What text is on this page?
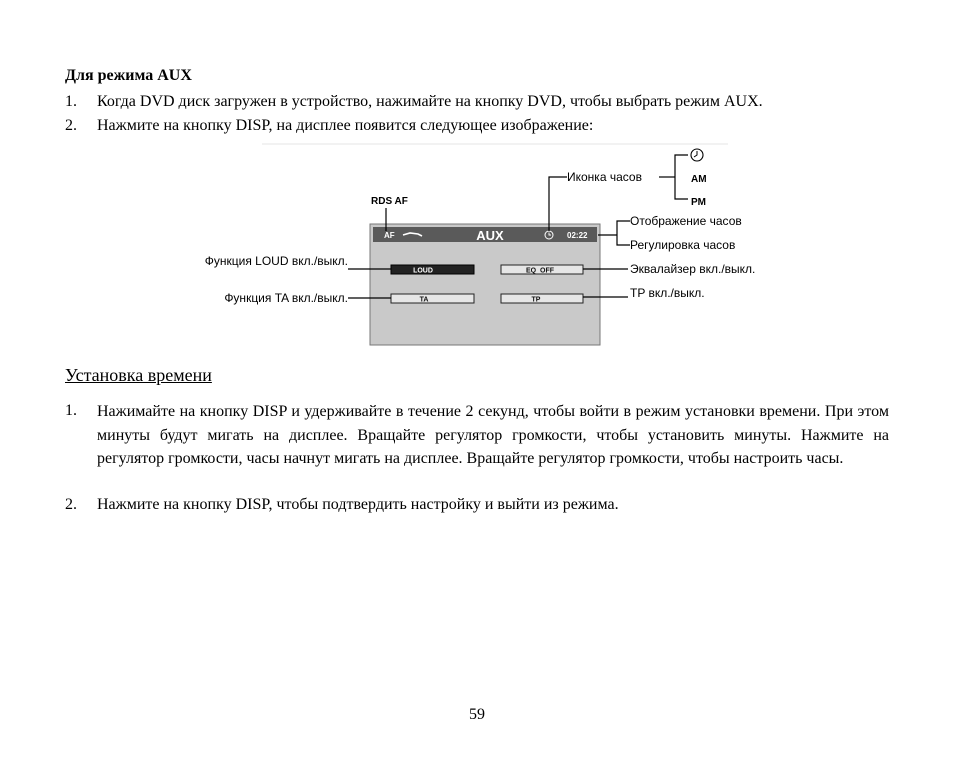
Для режима AUX
1. Когда DVD диск загружен в устройство, нажимайте на кнопку DVD, чтобы выбрать режим AUX.
2. Нажмите на кнопку DISP, на дисплее появится следующее изображение:
AF	AUX	02:22
LOUD	EQ  OFF
TA	TP
RDS AF
Иконка часов	AM
PM
Отображение часов
Регулировка часов
Функция LOUD вкл./выкл.
Функция TA вкл./выкл.
Эквалайзер вкл./выкл.
TP вкл./выкл.
Установка времени
1. Нажимайте на кнопку DISP и удерживайте в течение 2 секунд, чтобы войти в режим установки времени. При этом минуты будут мигать на дисплее. Вращайте регулятор громкости, чтобы установить минуты. Нажмите на регулятор громкости, часы начнут мигать на дисплее. Вращайте регулятор громкости, чтобы настроить часы.
2. Нажмите на кнопку DISP, чтобы подтвердить настройку и выйти из режима.
59
